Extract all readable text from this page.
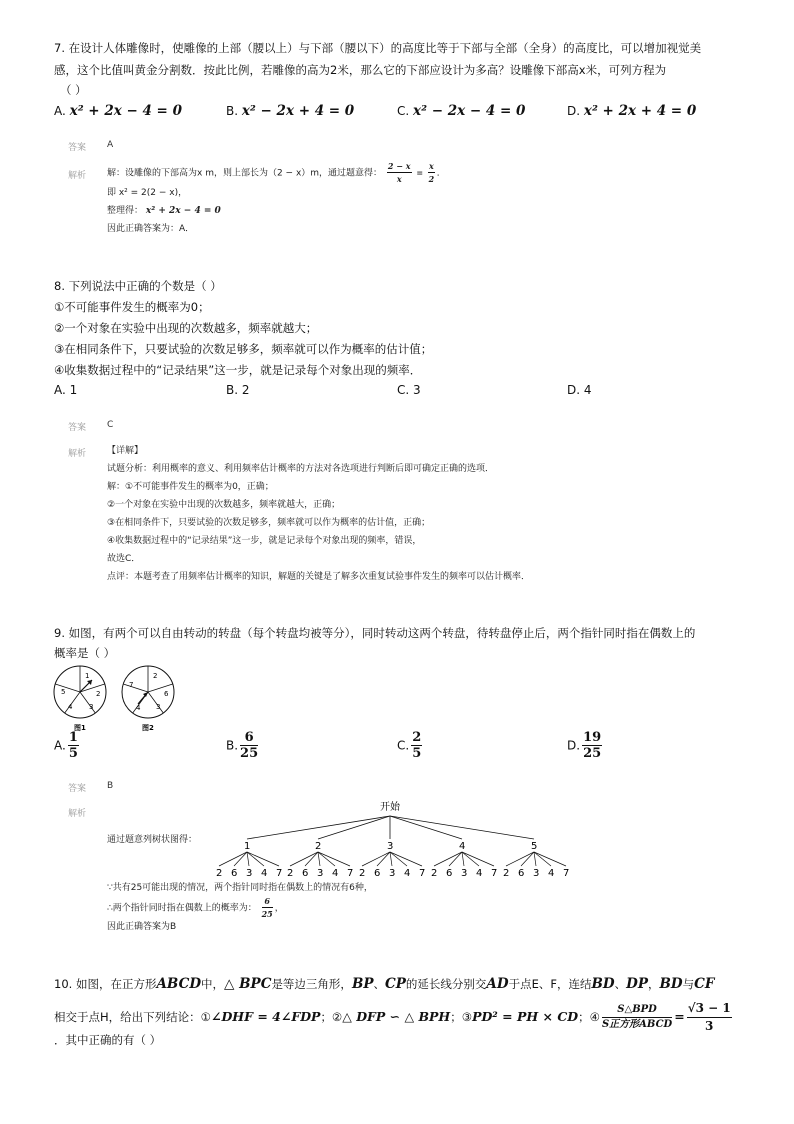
7. 在设计人体雕像时，使雕像的上部（腰以上）与下部（腰以下）的高度比等于下部与全部（全身）的高度比，可以增加视觉美
感，这个比值叫黄金分割数．按此比例，若雕像的高为2米，那么它的下部应设计为多高？设雕像下部高x米，可列方程为
（ ）
A. x² + 2x − 4 = 0	B. x² − 2x + 4 = 0	C. x² − 2x − 4 = 0	D. x² + 2x + 4 = 0
答案 A
解析 解：设雕像的下部高为x m，则上部长为（2 − x）m，通过题意得： $\frac{2 - x}{x} = \frac{x}{2}$ ．
即 x² = 2(2 − x)，
整理得： x² + 2x − 4 = 0
因此正确答案为：A．
8. 下列说法中正确的个数是（ ）
①不可能事件发生的概率为0；
②一个对象在实验中出现的次数越多，频率就越大；
③在相同条件下，只要试验的次数足够多，频率就可以作为概率的估计值；
④收集数据过程中的“记录结果”这一步，就是记录每个对象出现的频率．
A. 1	B. 2	C. 3	D. 4
答案 C
解析 【详解】
试题分析：利用概率的意义、利用频率估计概率的方法对各选项进行判断后即可确定正确的选项．
解：①不可能事件发生的概率为0，正确；
②一个对象在实验中出现的次数越多，频率就越大，正确；
③在相同条件下，只要试验的次数足够多，频率就可以作为概率的估计值，正确；
④收集数据过程中的“记录结果”这一步，就是记录每个对象出现的频率，错误，
故选C．
点评：本题考查了用频率估计概率的知识，解题的关键是了解多次重复试验事件发生的频率可以估计概率．
9. 如图，有两个可以自由转动的转盘（每个转盘均被等分），同时转动这两个转盘，待转盘停止后，两个指针同时指在偶数上的
概率是（ ）
1
2
3
4
5
图1
2
6
3
4
7
图2
A. $\frac{1}{5}$	B. $\frac{6}{25}$	C. $\frac{2}{5}$	D. $\frac{19}{25}$
答案 B
解析
通过题意列树状图得：
开始
1
2 6 3 4 7
2
2 6 3 4 7
3
2 6 3 4 7
4
2 6 3 4 7
5
2 6 3 4 7
∵共有25可能出现的情况，两个指针同时指在偶数上的情况有6种，
∴两个指针同时指在偶数上的概率为： $\frac{6}{25}$ ，
因此正确答案为B
10. 如图，在正方形ABCD中，△ BPC是等边三角形，BP、CP的延长线分别交AD于点E、F，连结BD、DP，BD与CF
相交于点H，给出下列结论：①∠DHF = 4∠FDP；②△ DFP ∽ △ BPH；③PD² = PH × CD；④ $\frac{\text{S△BPD}}{\text{S正方形ABCD}} = \frac{√3 - 1}{3}$
．其中正确的有（ ）
